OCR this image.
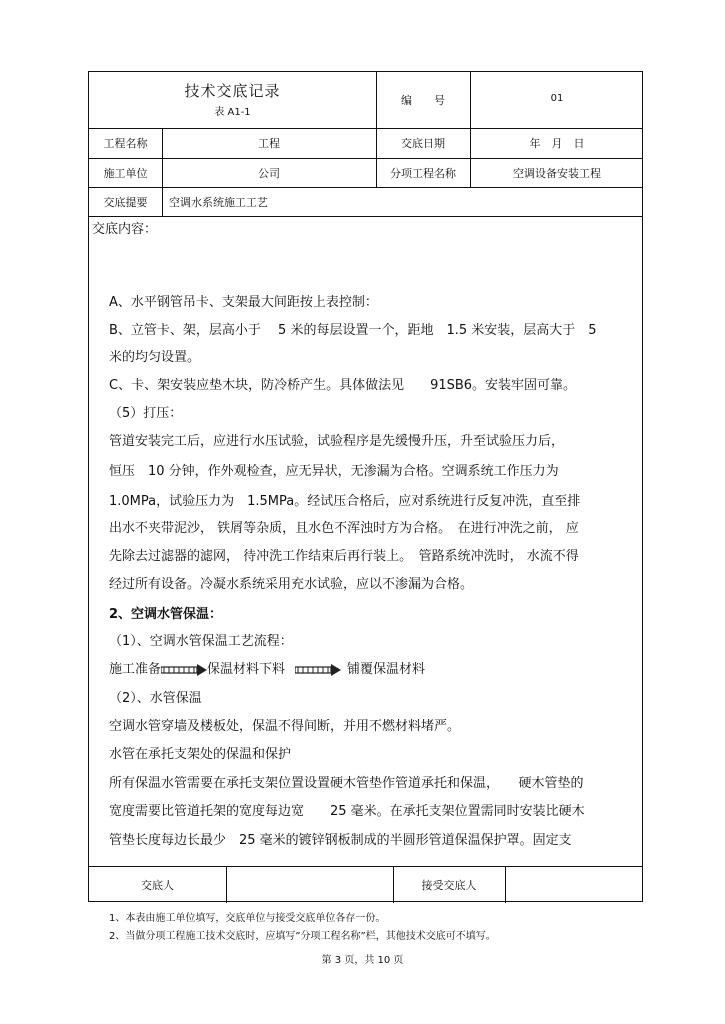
技术交底记录
表 A1-1
编　　号	01
工程名称	工程	交底日期	年　月　日
施工单位	公司	分项工程名称	空调设备安装工程
交底提要	空调水系统施工工艺
交底人	接受交底人
交底内容：
A、水平钢管吊卡、支架最大间距按上表控制：
B、立管卡、架，层高小于　 5 米的每层设置一个，距地　1.5 米安装，层高大于　5
米的均匀设置。
C、卡、架安装应垫木块，防冷桥产生。具体做法见　　91SB6。安装牢固可靠。
（5）打压：
管道安装完工后，应进行水压试验，试验程序是先缓慢升压，升至试验压力后，
恒压　10 分钟，作外观检查，应无异状，无渗漏为合格。空调系统工作压力为
1.0MPa，试验压力为　1.5MPa。经试压合格后，应对系统进行反复冲洗，直至排
出水不夹带泥沙， 铁屑等杂质，且水色不浑浊时方为合格。　在进行冲洗之前， 应
先除去过滤器的滤网， 待冲洗工作结束后再行装上。　管路系统冲洗时， 水流不得
经过所有设备。冷凝水系统采用充水试验，应以不渗漏为合格。
2、空调水管保温：
（1）、空调水管保温工艺流程：
施工准备	保温材料下料	铺覆保温材料
（2）、水管保温
空调水管穿墙及楼板处，保温不得间断，并用不燃材料堵严。
水管在承托支架处的保温和保护
所有保温水管需要在承托支架位置设置硬木管垫作管道承托和保温，　　硬木管垫的
宽度需要比管道托架的宽度每边宽　　25 毫米。在承托支架位置需同时安装比硬木
管垫长度每边长最少　25 毫米的镀锌钢板制成的半圆形管道保温保护罩。固定支
1、本表由施工单位填写，交底单位与接受交底单位各存一份。
2、当做分项工程施工技术交底时，应填写”分项工程名称”栏，其他技术交底可不填写。
第 3 页，共 10 页
